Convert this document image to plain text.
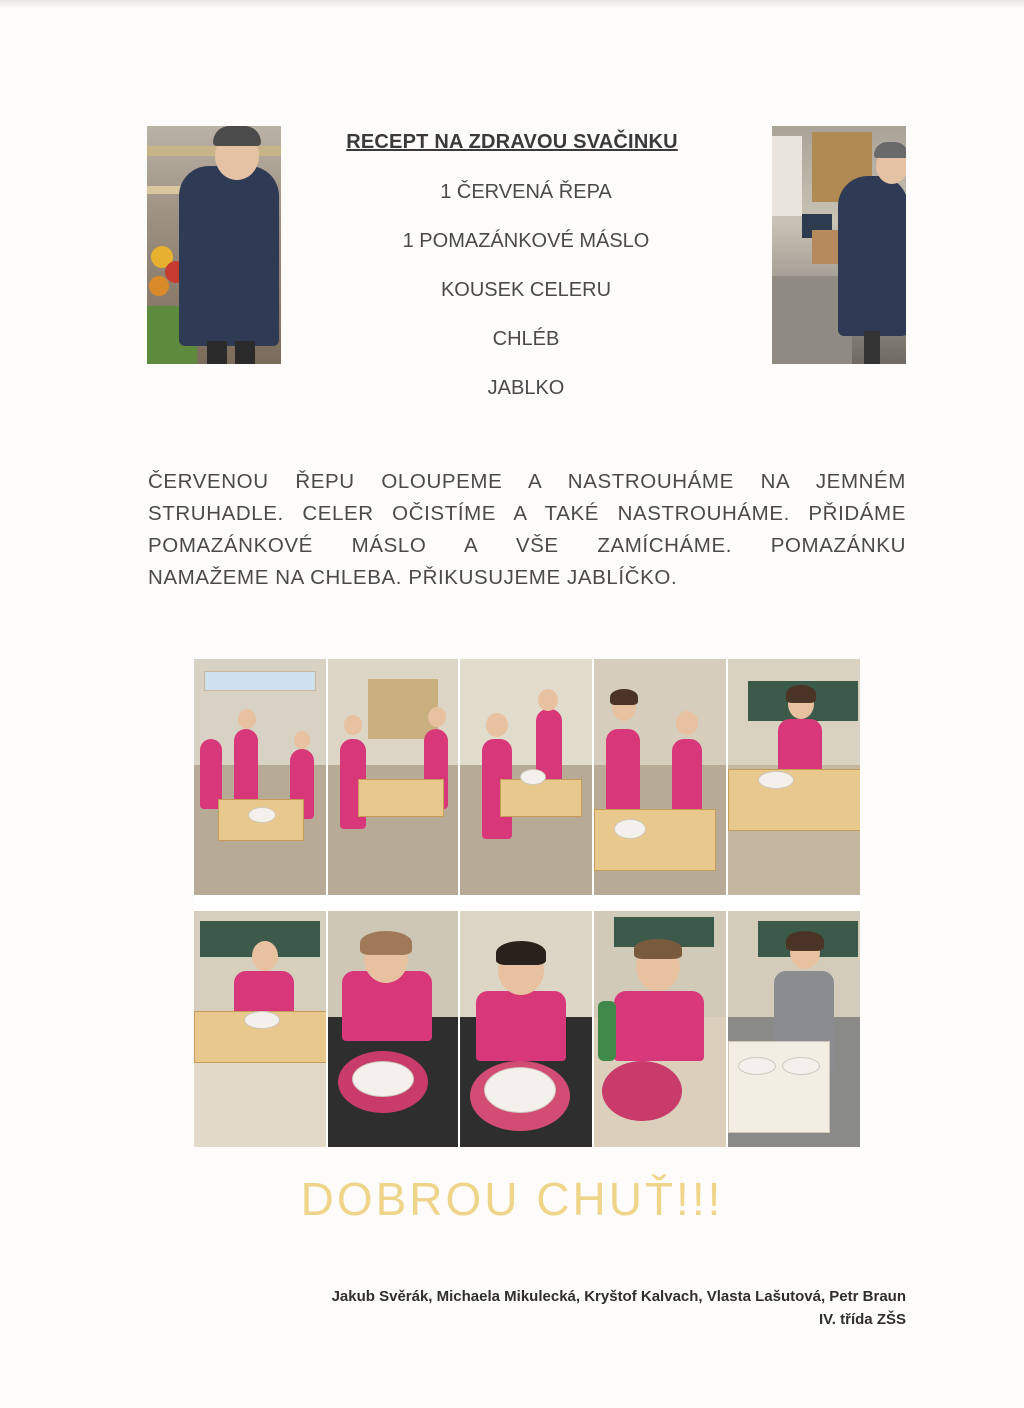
RECEPT NA ZDRAVOU SVAČINKU
1 ČERVENÁ ŘEPA
1 POMAZÁNKOVÉ MÁSLO
KOUSEK CELERU
CHLÉB
JABLKO
ČERVENOU ŘEPU OLOUPEME A NASTROUHÁME NA JEMNÉM
STRUHADLE. CELER OČISTÍME A TAKÉ NASTROUHÁME. PŘIDÁME
POMAZÁNKOVÉ MÁSLO A VŠE ZAMÍCHÁME. POMAZÁNKU
NAMAŽEME NA CHLEBA. PŘIKUSUJEME JABLÍČKO.
DOBROU CHUŤ!!!
Jakub Svěrák, Michaela Mikulecká, Kryštof Kalvach, Vlasta Lašutová, Petr Braun
IV. třída ZŠS
